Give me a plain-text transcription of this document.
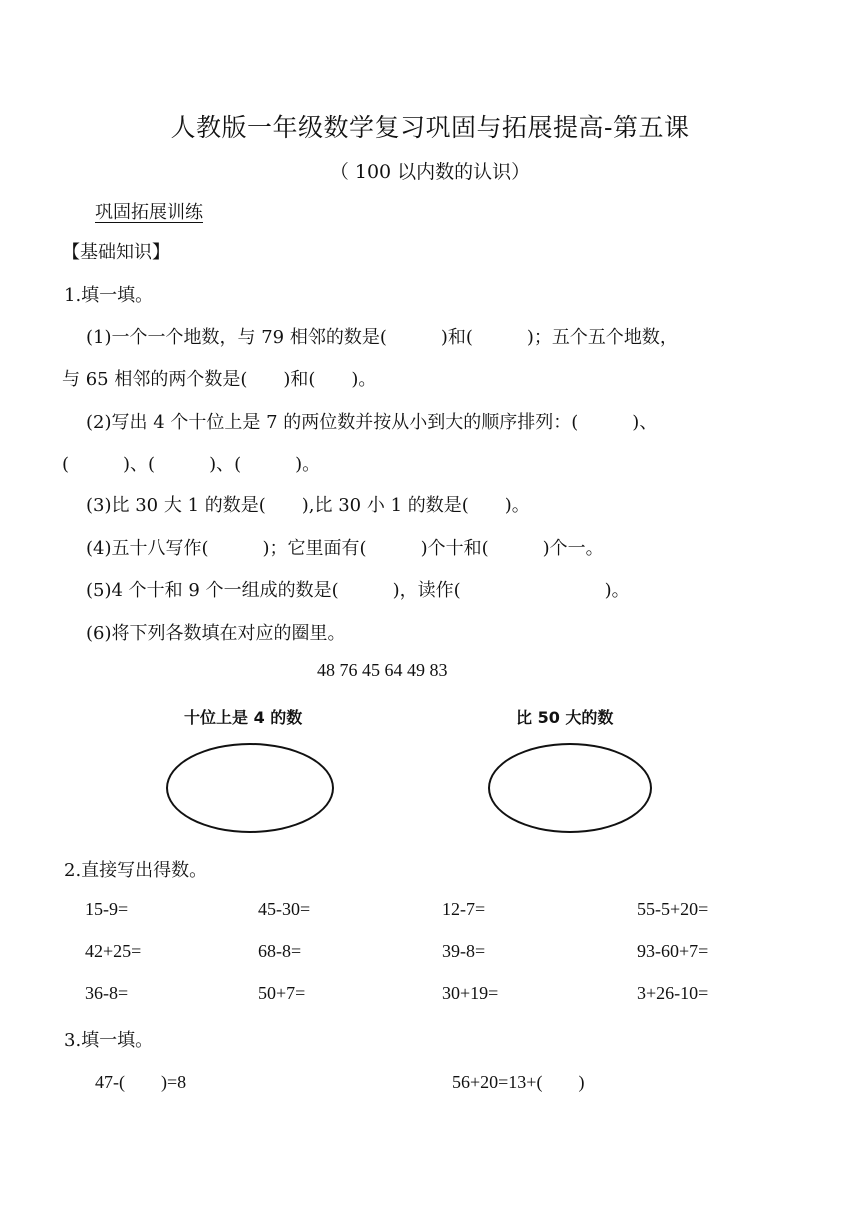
人教版一年级数学复习巩固与拓展提高-第五课
（ 100 以内数的认识）
巩固拓展训练
【基础知识】
1.填一填。
(1)一个一个地数，与 79 相邻的数是(　　　)和(　　　)；五个五个地数，
与 65 相邻的两个数是(　　)和(　　)。
(2)写出 4 个十位上是 7 的两位数并按从小到大的顺序排列：(　　　)、
(　　　)、(　　　)、(　　　)。
(3)比 30 大 1 的数是(　　),比 30 小 1 的数是(　　)。
(4)五十八写作(　　　)；它里面有(　　　)个十和(　　　)个一。
(5)4 个十和 9 个一组成的数是(　　　)，读作(　　　　　　　　)。
(6)将下列各数填在对应的圈里。
48 76 45 64 49 83
十位上是 4 的数	比 50 大的数
2.直接写出得数。
15-9=	45-30=	12-7=	55-5+20=
42+25=	68-8=	39-8=	93-60+7=
36-8=	50+7=	30+19=	3+26-10=
3.填一填。
47-(　　)=8	56+20=13+(　　)
